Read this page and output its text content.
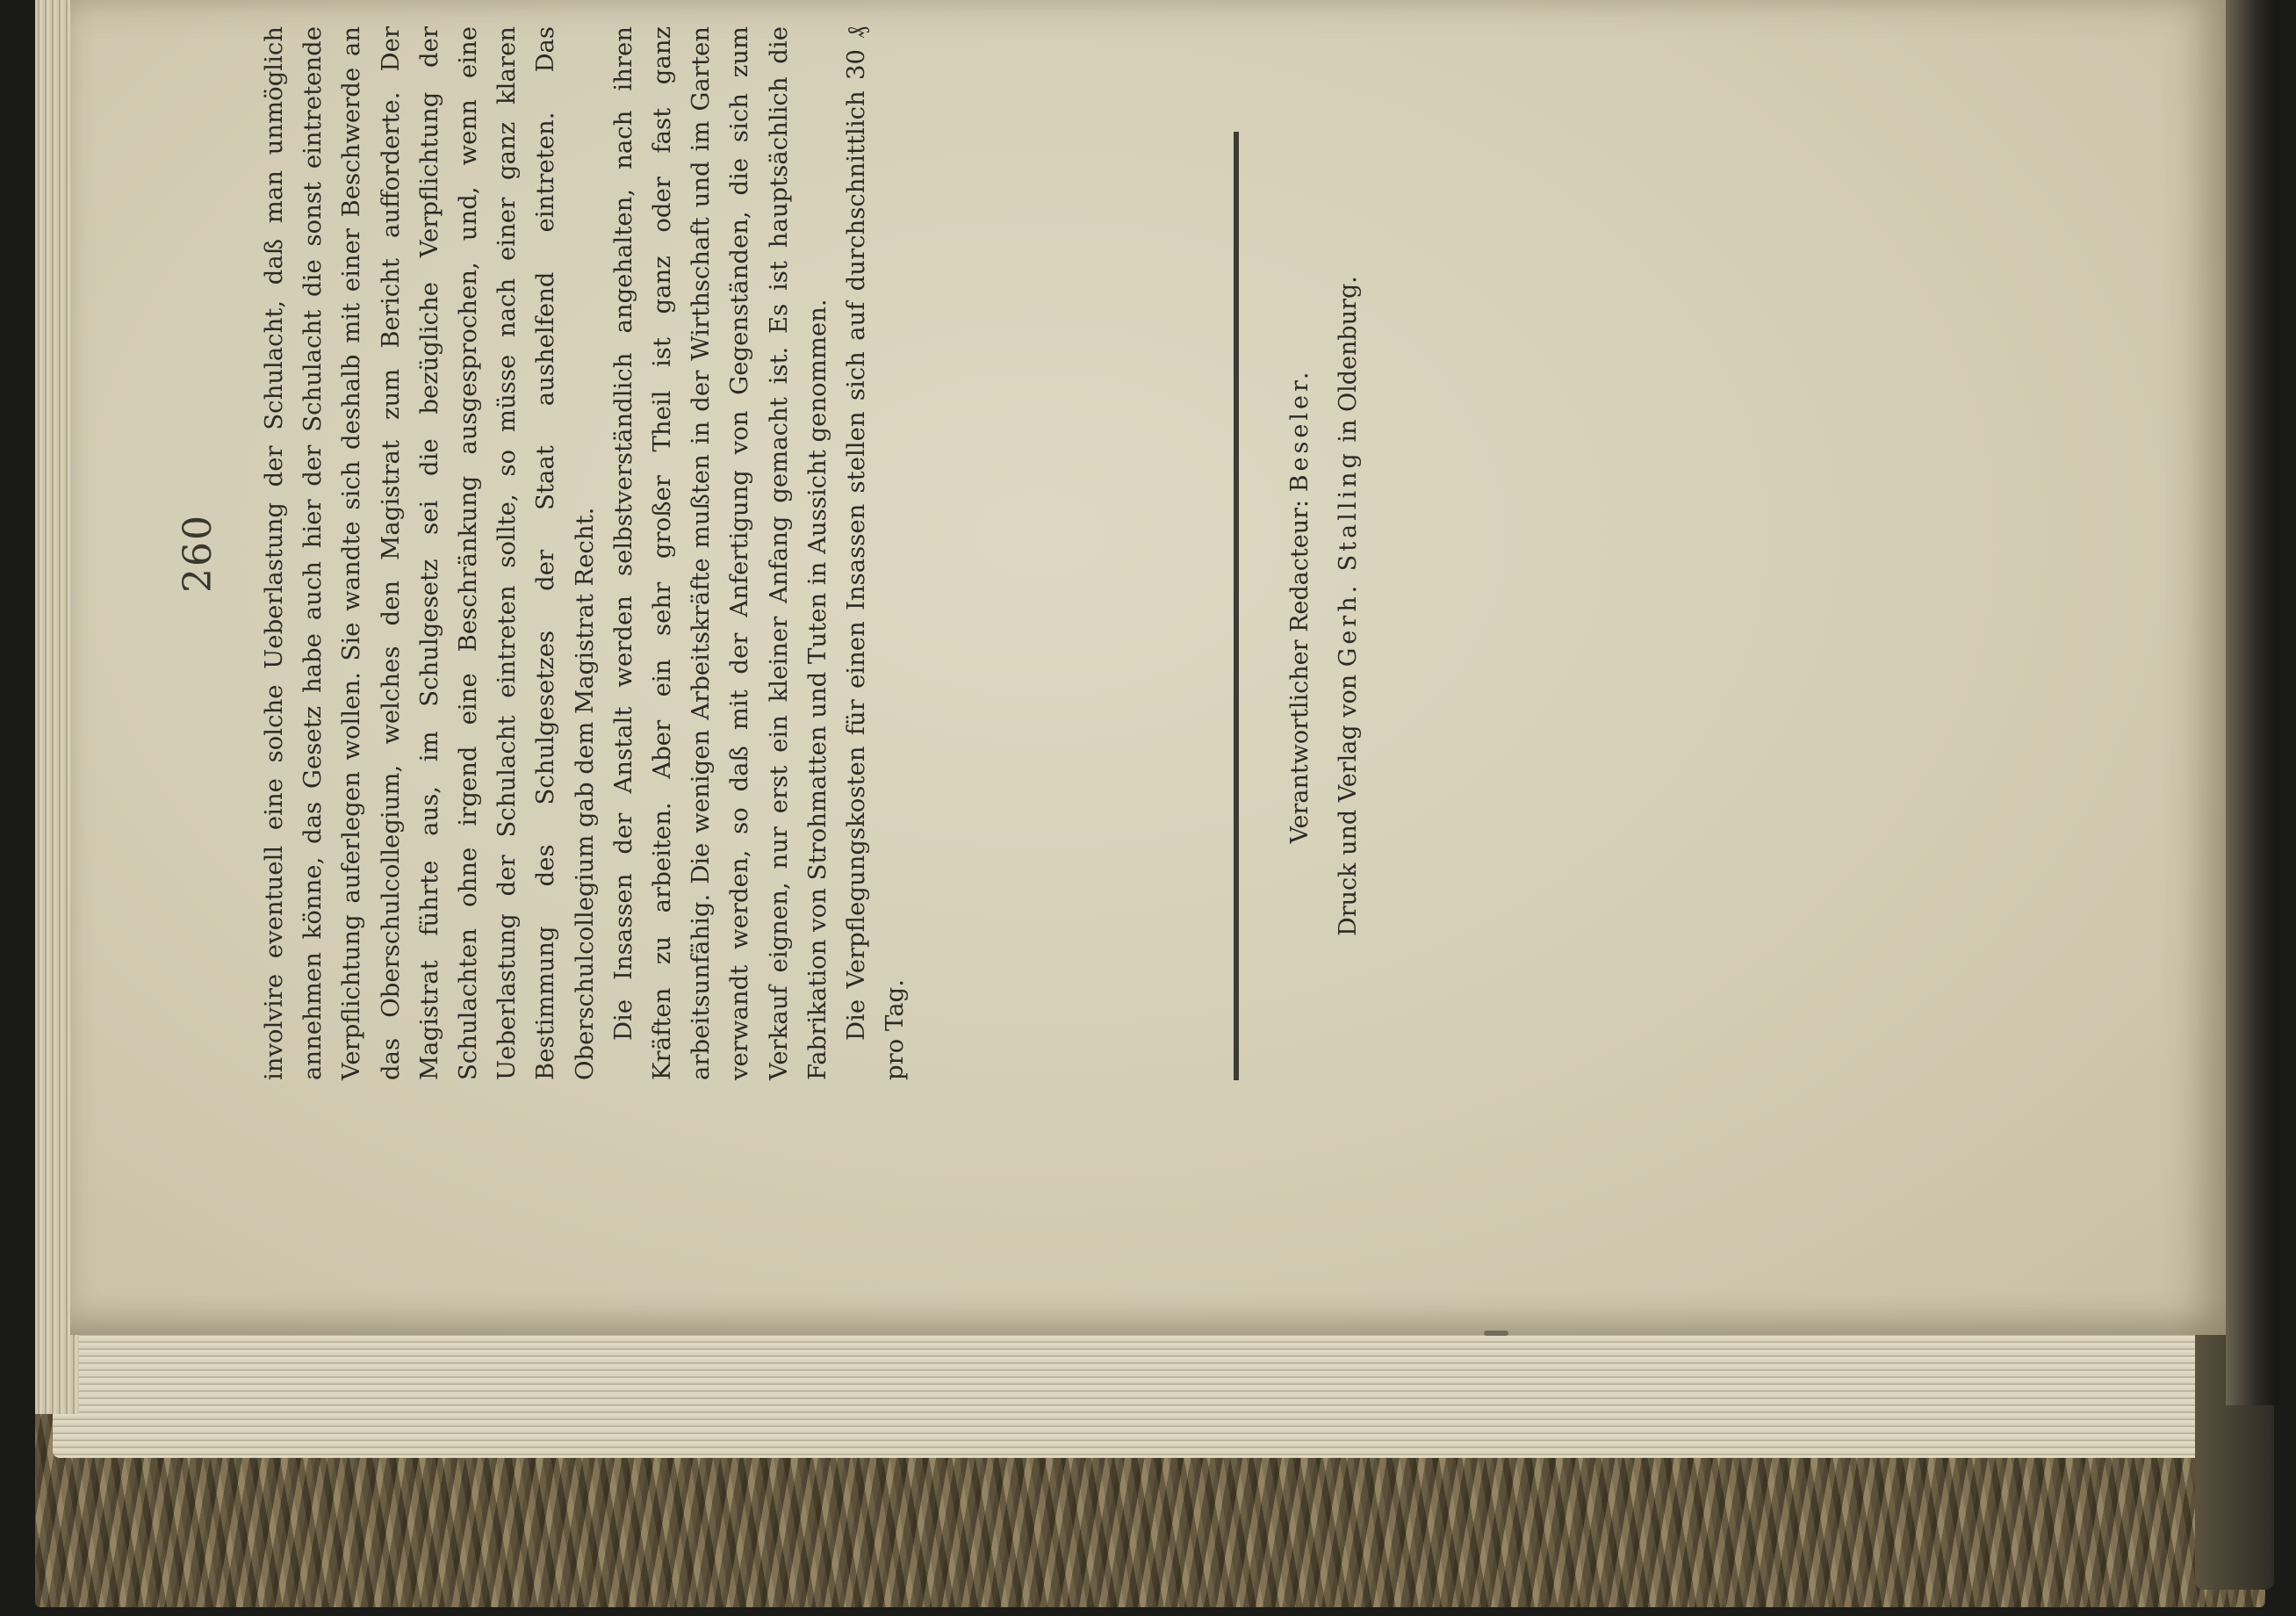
260 involvire eventuell eine solche Ueberlastung der Schulacht, daß man unmöglich annehmen könne, das Gesetz habe auch hier der Schulacht die sonst eintretende Verpflichtung auferlegen wollen. Sie wandte sich deshalb mit einer Beschwerde an das Oberschulcollegium, welches den Magistrat zum Bericht aufforderte. Der Magistrat führte aus, im Schulgesetz sei die bezügliche Verpflichtung der Schulachten ohne irgend eine Beschränkung ausgesprochen, und, wenn eine Ueberlastung der Schulacht eintreten sollte, so müsse nach einer ganz klaren Bestimmung des Schulgesetzes der Staat aushelfend eintreten. Das Oberschulcollegium gab dem Magistrat Recht. Die Insassen der Anstalt werden selbstverständlich angehalten, nach ihren Kräften zu arbeiten. Aber ein sehr großer Theil ist ganz oder fast ganz arbeitsunfähig. Die wenigen Arbeitskräfte mußten in der Wirthschaft und im Garten verwandt werden, so daß mit der Anfertigung von Gegenständen, die sich zum Verkauf eignen, nur erst ein kleiner Anfang gemacht ist. Es ist hauptsächlich die Fabrikation von Strohmatten und Tuten in Aussicht genommen. Die Verpflegungskosten für einen Insassen stellen sich auf durchschnittlich 30 ₰ pro Tag.

Verantwortlicher Redacteur: Beseler.
Druck und Verlag von Gerh. Stalling in Oldenburg.
